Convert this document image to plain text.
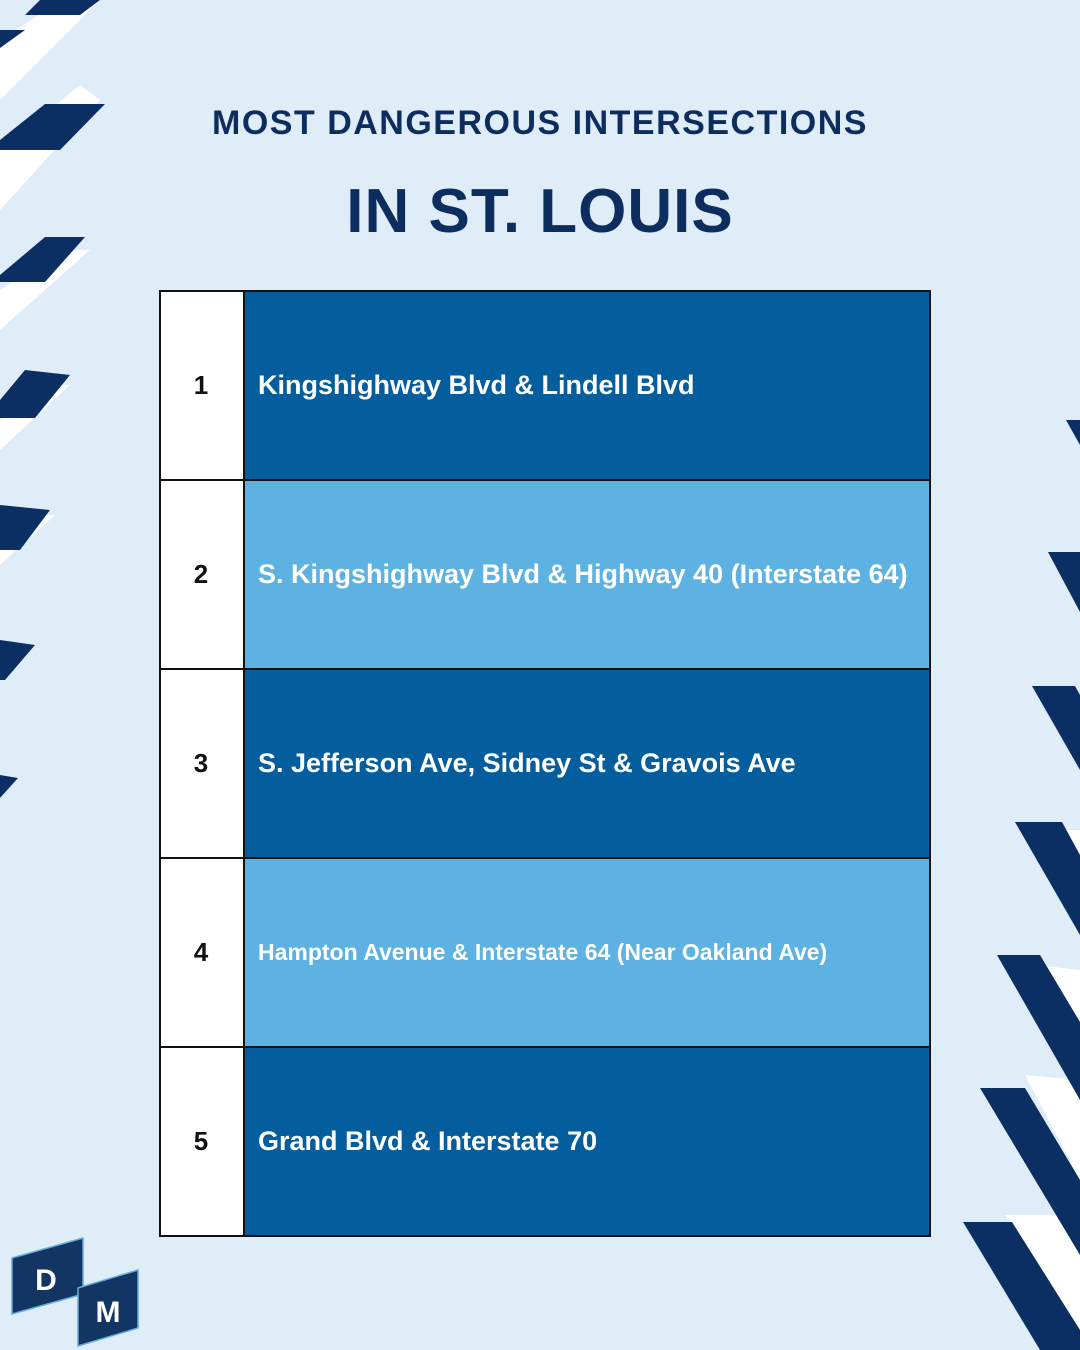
MOST DANGEROUS INTERSECTIONS
IN ST. LOUIS
1	Kingshighway Blvd & Lindell Blvd
2	S. Kingshighway Blvd & Highway 40 (Interstate 64)
3	S. Jefferson Ave, Sidney St & Gravois Ave
4	Hampton Avenue & Interstate 64 (Near Oakland Ave)
5	Grand Blvd & Interstate 70
D
M
